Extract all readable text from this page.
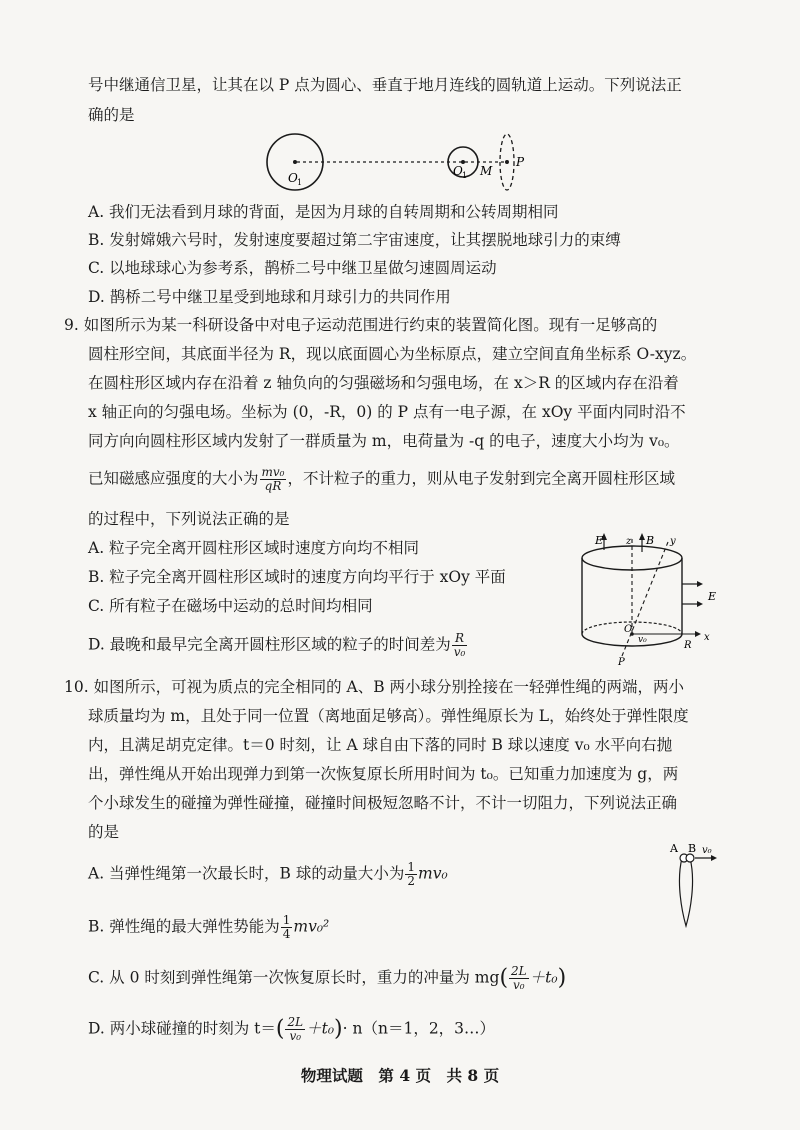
号中继通信卫星，让其在以 P 点为圆心、垂直于地月连线的圆轨道上运动。下列说法正
确的是
O 1
O 1 M
P
A. 我们无法看到月球的背面，是因为月球的自转周期和公转周期相同
B. 发射嫦娥六号时，发射速度要超过第二宇宙速度，让其摆脱地球引力的束缚
C. 以地球球心为参考系，鹊桥二号中继卫星做匀速圆周运动
D. 鹊桥二号中继卫星受到地球和月球引力的共同作用
9. 如图所示为某一科研设备中对电子运动范围进行约束的装置简化图。现有一足够高的
圆柱形空间，其底面半径为 R，现以底面圆心为坐标原点，建立空间直角坐标系 O-xyz。
在圆柱形区域内存在沿着 z 轴负向的匀强磁场和匀强电场，在 x＞R 的区域内存在沿着
x 轴正向的匀强电场。坐标为 (0，-R，0) 的 P 点有一电子源，在 xOy 平面内同时沿不
同方向向圆柱形区域内发射了一群质量为 m，电荷量为 -q 的电子，速度大小均为 v₀。
已知磁感应强度的大小为 $\frac{\text{mv₀}}{qR}$ ，不计粒子的重力，则从电子发射到完全离开圆柱形区域
的过程中，下列说法正确的是
A. 粒子完全离开圆柱形区域时速度方向均不相同
B. 粒子完全离开圆柱形区域时的速度方向均平行于 xOy 平面
C. 所有粒子在磁场中运动的总时间均相同
D. 最晚和最早完全离开圆柱形区域的粒子的时间差为 $\frac{R}{\text{v₀}}$
E z B y
E
O
v₀
P
R
x
10. 如图所示，可视为质点的完全相同的 A、B 两小球分别拴接在一轻弹性绳的两端，两小
球质量均为 m，且处于同一位置（离地面足够高）。弹性绳原长为 L，始终处于弹性限度
内，且满足胡克定律。t＝0 时刻，让 A 球自由下落的同时 B 球以速度 v₀ 水平向右抛
出，弹性绳从开始出现弹力到第一次恢复原长所用时间为 t₀。已知重力加速度为 g，两
个小球发生的碰撞为弹性碰撞，碰撞时间极短忽略不计，不计一切阻力，下列说法正确
的是
A. 当弹性绳第一次最长时，B 球的动量大小为 $\frac{1}{2} mv_0$
B. 弹性绳的最大弹性势能为 $\frac{1}{4} mv_0^2$
C. 从 0 时刻到弹性绳第一次恢复原长时，重力的冲量为 $mg( \frac{2L}{\text{v₀}} +t_0)$
D. 两小球碰撞的时刻为 $t=( \frac{2L}{\text{v₀}} +t_0)\cdot n(n=1$，2，3…）
A B v₀
物理试题　第 4 页　共 8 页
